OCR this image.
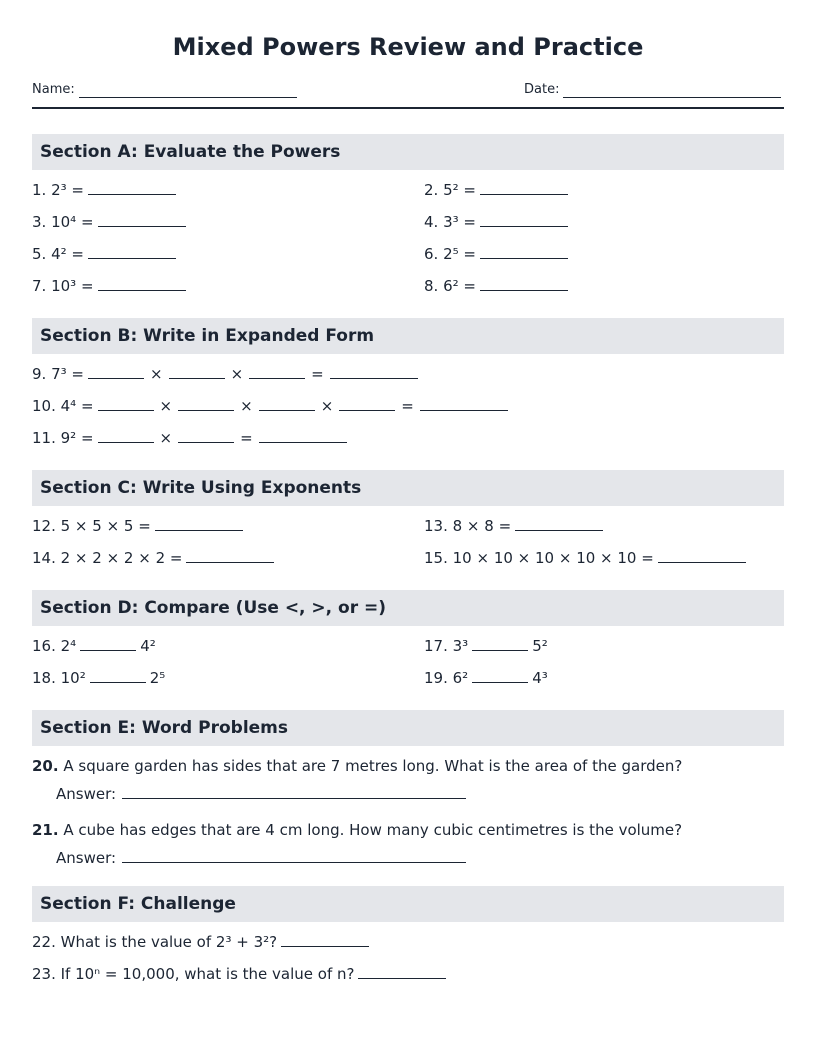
Mixed Powers Review and Practice
Name:	Date:
Section A: Evaluate the Powers
1. 2³ =	2. 5² =
3. 10⁴ =	4. 3³ =
5. 4² =	6. 2⁵ =
7. 10³ =	8. 6² =
Section B: Write in Expanded Form
9. 7³ =	×	×	=
10. 4⁴ =	×	×	×	=
11. 9² =	×	=
Section C: Write Using Exponents
12. 5 × 5 × 5 =	13. 8 × 8 =
14. 2 × 2 × 2 × 2 =	15. 10 × 10 × 10 × 10 × 10 =
Section D: Compare (Use <, >, or =)
16. 2⁴	4²	17. 3³	5²
18. 10²	2⁵	19. 6²	4³
Section E: Word Problems
20. A square garden has sides that are 7 metres long. What is the area of the garden?
Answer:
21. A cube has edges that are 4 cm long. How many cubic centimetres is the volume?
Answer:
Section F: Challenge
22. What is the value of 2³ + 3²?
23. If 10ⁿ = 10,000, what is the value of n?
